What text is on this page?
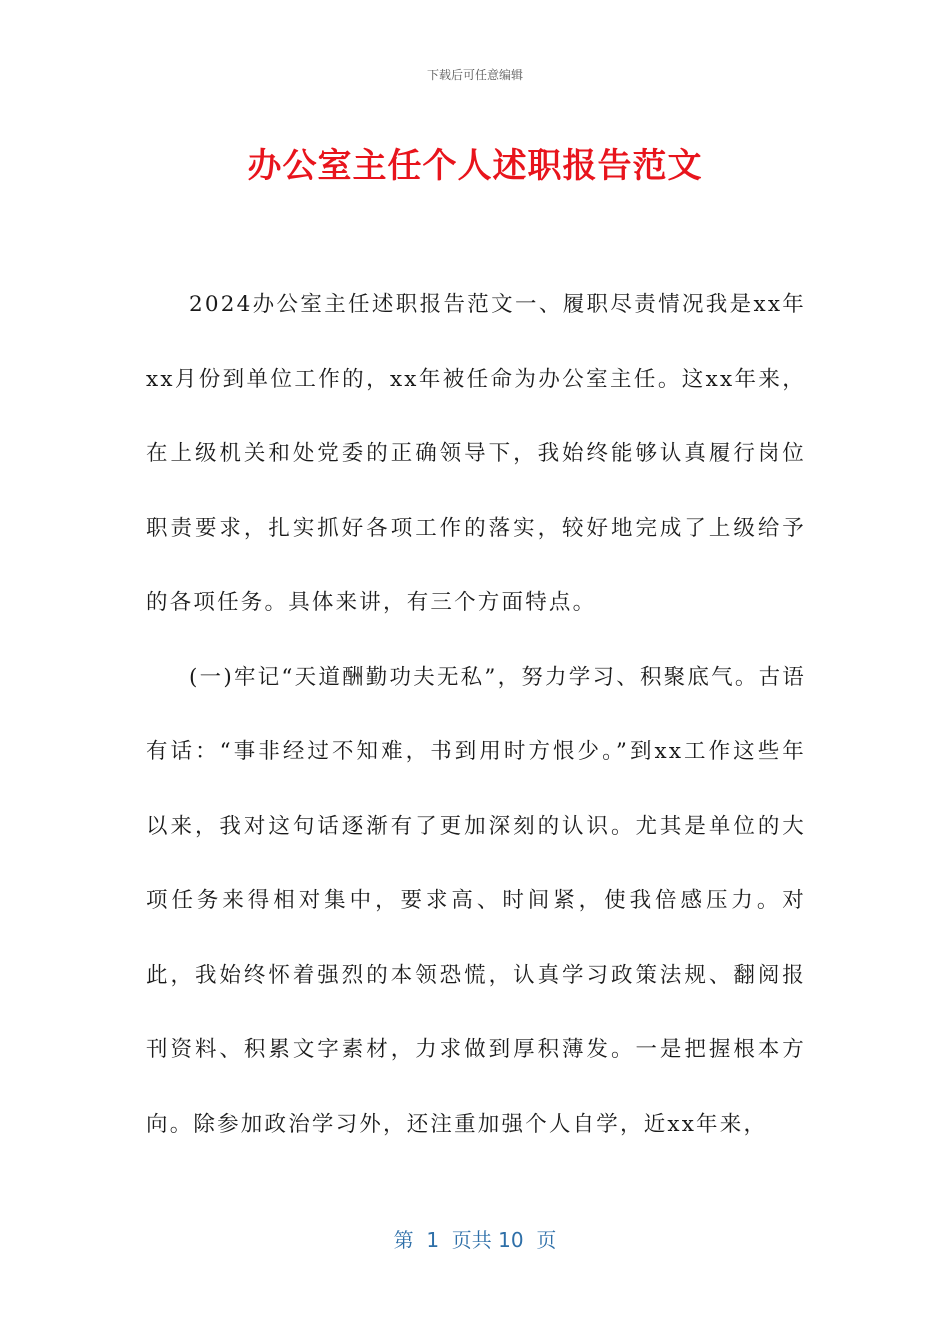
下载后可任意编辑
办公室主任个人述职报告范文

2024办公室主任述职报告范文一、履职尽责情况我是xx年xx月份到单位工作的，xx年被任命为办公室主任。这xx年来，在上级机关和处党委的正确领导下，我始终能够认真履行岗位职责要求，扎实抓好各项工作的落实，较好地完成了上级给予的各项任务。具体来讲，有三个方面特点。

(一)牢记“天道酬勤功夫无私”，努力学习、积聚底气。古语有话：“事非经过不知难，书到用时方恨少。”到xx工作这些年以来，我对这句话逐渐有了更加深刻的认识。尤其是单位的大项任务来得相对集中，要求高、时间紧，使我倍感压力。对此，我始终怀着强烈的本领恐慌，认真学习政策法规、翻阅报刊资料、积累文字素材，力求做到厚积薄发。一是把握根本方向。除参加政治学习外，还注重加强个人自学，近xx年来，

第  1  页共 10  页
